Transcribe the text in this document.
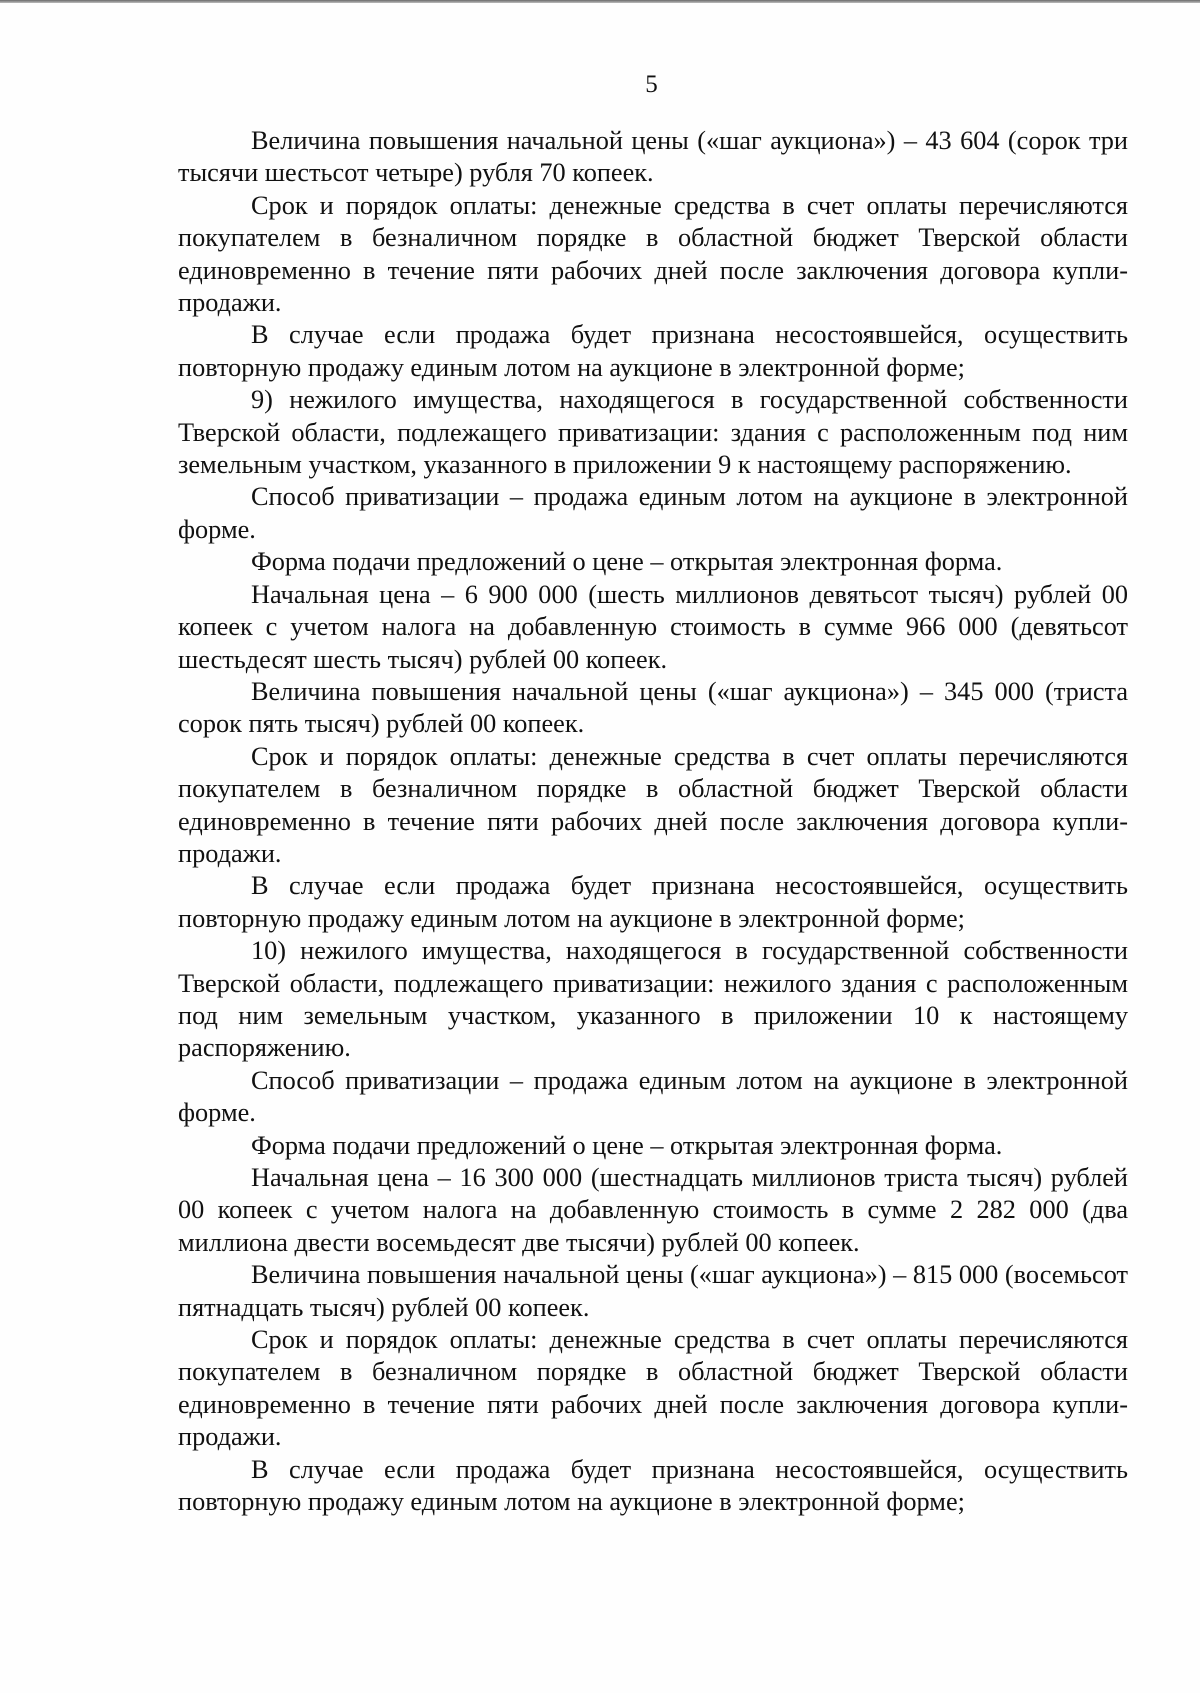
5

Величина повышения начальной цены («шаг аукциона») – 43 604 (сорок три тысячи шестьсот четыре) рубля 70 копеек.

Срок и порядок оплаты: денежные средства в счет оплаты перечисляются покупателем в безналичном порядке в областной бюджет Тверской области единовременно в течение пяти рабочих дней после заключения договора купли-продажи.

В случае если продажа будет признана несостоявшейся, осуществить повторную продажу единым лотом на аукционе в электронной форме;

9) нежилого имущества, находящегося в государственной собственности Тверской области, подлежащего приватизации: здания с расположенным под ним земельным участком, указанного в приложении 9 к настоящему распоряжению.

Способ приватизации – продажа единым лотом на аукционе в электронной форме.

Форма подачи предложений о цене – открытая электронная форма.

Начальная цена – 6 900 000 (шесть миллионов девятьсот тысяч) рублей 00 копеек с учетом налога на добавленную стоимость в сумме 966 000 (девятьсот шестьдесят шесть тысяч) рублей 00 копеек.

Величина повышения начальной цены («шаг аукциона») – 345 000 (триста сорок пять тысяч) рублей 00 копеек.

Срок и порядок оплаты: денежные средства в счет оплаты перечисляются покупателем в безналичном порядке в областной бюджет Тверской области единовременно в течение пяти рабочих дней после заключения договора купли-продажи.

В случае если продажа будет признана несостоявшейся, осуществить повторную продажу единым лотом на аукционе в электронной форме;

10) нежилого имущества, находящегося в государственной собственности Тверской области, подлежащего приватизации: нежилого здания с расположенным под ним земельным участком, указанного в приложении 10 к настоящему распоряжению.

Способ приватизации – продажа единым лотом на аукционе в электронной форме.

Форма подачи предложений о цене – открытая электронная форма.

Начальная цена – 16 300 000 (шестнадцать миллионов триста тысяч) рублей 00 копеек с учетом налога на добавленную стоимость в сумме 2 282 000 (два миллиона двести восемьдесят две тысячи) рублей 00 копеек.

Величина повышения начальной цены («шаг аукциона») – 815 000 (восемьсот пятнадцать тысяч) рублей 00 копеек.

Срок и порядок оплаты: денежные средства в счет оплаты перечисляются покупателем в безналичном порядке в областной бюджет Тверской области единовременно в течение пяти рабочих дней после заключения договора купли-продажи.

В случае если продажа будет признана несостоявшейся, осуществить повторную продажу единым лотом на аукционе в электронной форме;
